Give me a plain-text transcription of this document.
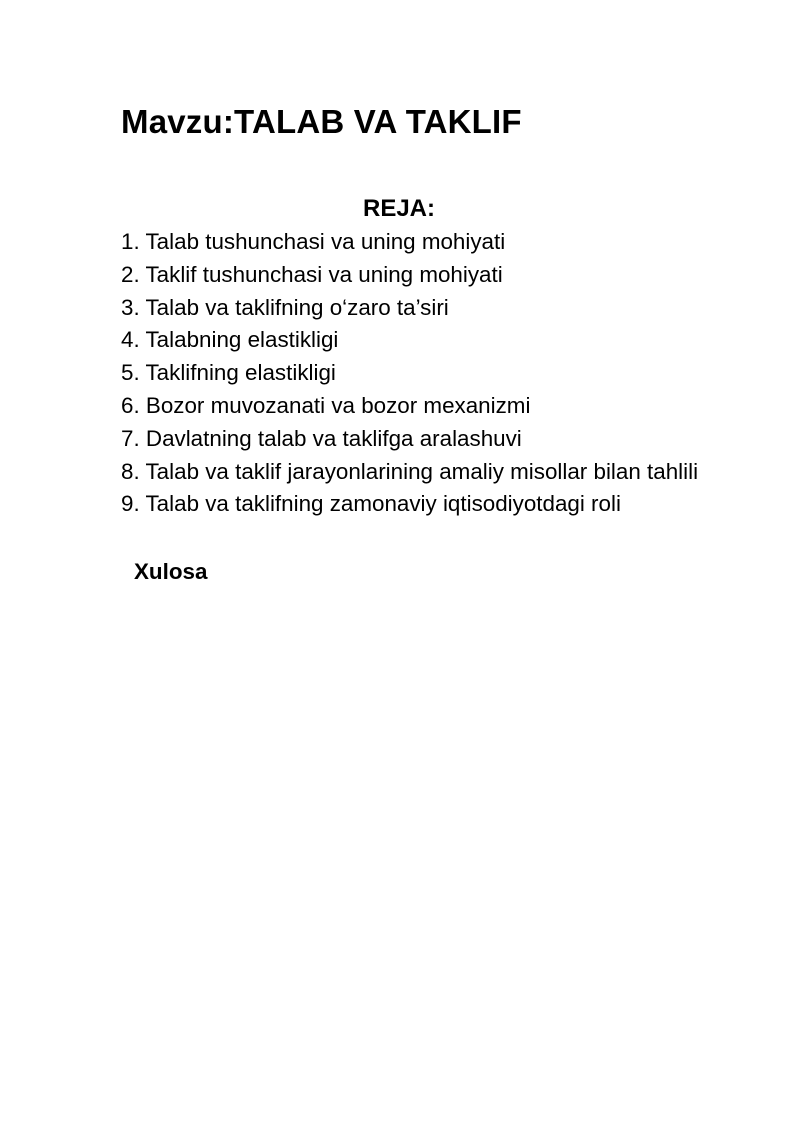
Mavzu:TALAB VA TAKLIF
REJA:
1. Talab tushunchasi va uning mohiyati
2. Taklif tushunchasi va uning mohiyati
3. Talab va taklifning o‘zaro ta’siri
4. Talabning elastikligi
5. Taklifning elastikligi
6. Bozor muvozanati va bozor mexanizmi
7. Davlatning talab va taklifga aralashuvi
8. Talab va taklif jarayonlarining amaliy misollar bilan tahlili
9. Talab va taklifning zamonaviy iqtisodiyotdagi roli
Xulosa
